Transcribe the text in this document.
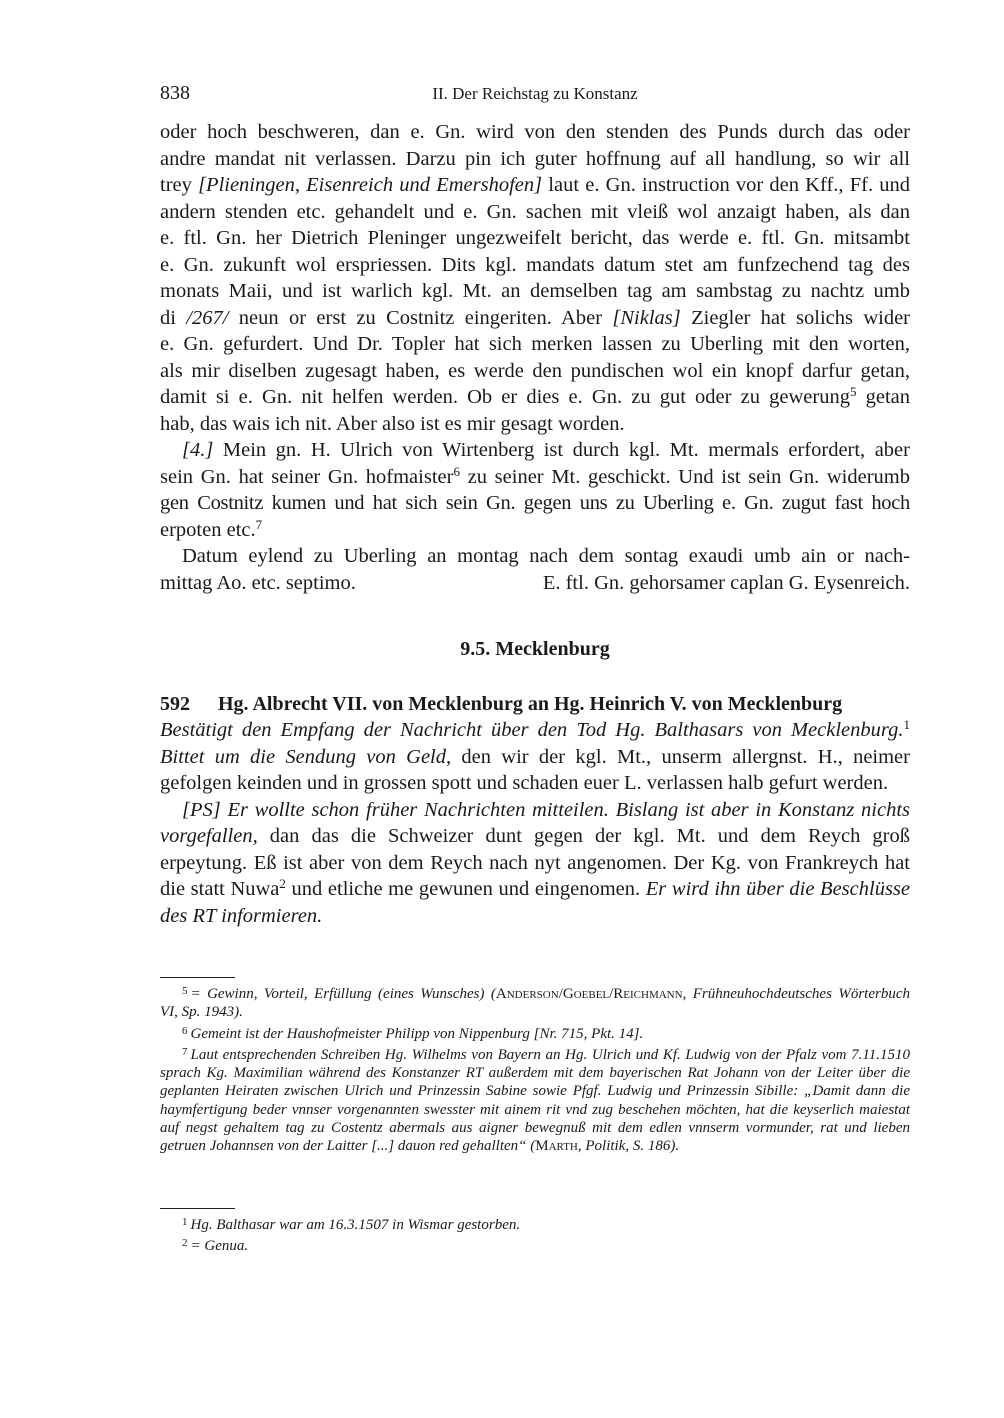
838	II. Der Reichstag zu Konstanz
oder hoch beschweren, dan e. Gn. wird von den stenden des Punds durch das oder
andre mandat nit verlassen. Darzu pin ich guter hoffnung auf all handlung, so wir all
trey [Plieningen, Eisenreich und Emershofen] laut e. Gn. instruction vor den Kff., Ff. und
andern stenden etc. gehandelt und e. Gn. sachen mit vleiß wol anzaigt haben, als dan
e. ftl. Gn. her Dietrich Pleninger ungezweifelt bericht, das werde e. ftl. Gn. mitsambt
e. Gn. zukunft wol erspriessen. Dits kgl. mandats datum stet am funfzechend tag des
monats Maii, und ist warlich kgl. Mt. an demselben tag am sambstag zu nachtz umb
di /267/ neun or erst zu Costnitz eingeriten. Aber [Niklas] Ziegler hat solichs wider
e. Gn. gefurdert. Und Dr. Topler hat sich merken lassen zu Uberling mit den worten,
als mir diselben zugesagt haben, es werde den pundischen wol ein knopf darfur getan,
damit si e. Gn. nit helfen werden. Ob er dies e. Gn. zu gut oder zu gewerung$^5$ getan
hab, das wais ich nit. Aber also ist es mir gesagt worden.
[4.] Mein gn. H. Ulrich von Wirtenberg ist durch kgl. Mt. mermals erfordert, aber
sein Gn. hat seiner Gn. hofmaister$^6$ zu seiner Mt. geschickt. Und ist sein Gn. widerumb
gen Costnitz kumen und hat sich sein Gn. gegen uns zu Uberling e. Gn. zugut fast hoch
erpoten etc.$^7$
Datum eylend zu Uberling an montag nach dem sontag exaudi umb ain or nach-
mittag Ao. etc. septimo.	E. ftl. Gn. gehorsamer caplan G. Eysenreich.
9.5. Mecklenburg
592	Hg. Albrecht VII. von Mecklenburg an Hg. Heinrich V. von Mecklenburg

Bestätigt den Empfang der Nachricht über den Tod Hg. Balthasars von Mecklenburg.$^1$ Bittet um die Sendung von Geld, den wir der kgl. Mt., unserm allergnst. H., neimer gefolgen keinden und in grossen spott und schaden euer L. verlassen halb gefurt werden.

[PS] Er wollte schon früher Nachrichten mitteilen. Bislang ist aber in Konstanz nichts vorgefallen, dan das die Schweizer dunt gegen der kgl. Mt. und dem Reych groß erpeytung. Eß ist aber von dem Reych nach nyt angenomen. Der Kg. von Frankreych hat die statt Nuwa$^2$ und etliche me gewunen und eingenomen. Er wird ihn über die Beschlüsse des RT informieren.

$^5$ = Gewinn, Vorteil, Erfüllung (eines Wunsches) (Anderson/Goebel/Reichmann, Frühneuhochdeutsches Wörterbuch VI, Sp. 1943).

$^6$ Gemeint ist der Haushofmeister Philipp von Nippenburg [Nr. 715, Pkt. 14].

$^7$ Laut entsprechenden Schreiben Hg. Wilhelms von Bayern an Hg. Ulrich und Kf. Ludwig von der Pfalz vom 7.11.1510 sprach Kg. Maximilian während des Konstanzer RT außerdem mit dem bayerischen Rat Johann von der Leiter über die geplanten Heiraten zwischen Ulrich und Prinzessin Sabine sowie Pfgf. Ludwig und Prinzessin Sibille: „Damit dann die haymfertigung beder vnnser vorgenannten swesster mit ainem rit vnd zug beschehen möchten, hat die keyserlich maiestat auf negst gehaltem tag zu Costentz abermals aus aigner bewegnuß mit dem edlen vnnserm vormunder, rat und lieben getruen Johannsen von der Laitter [...] dauon red gehallten“ (Marth, Politik, S. 186).

$^1$ Hg. Balthasar war am 16.3.1507 in Wismar gestorben.

$^2$ = Genua.
